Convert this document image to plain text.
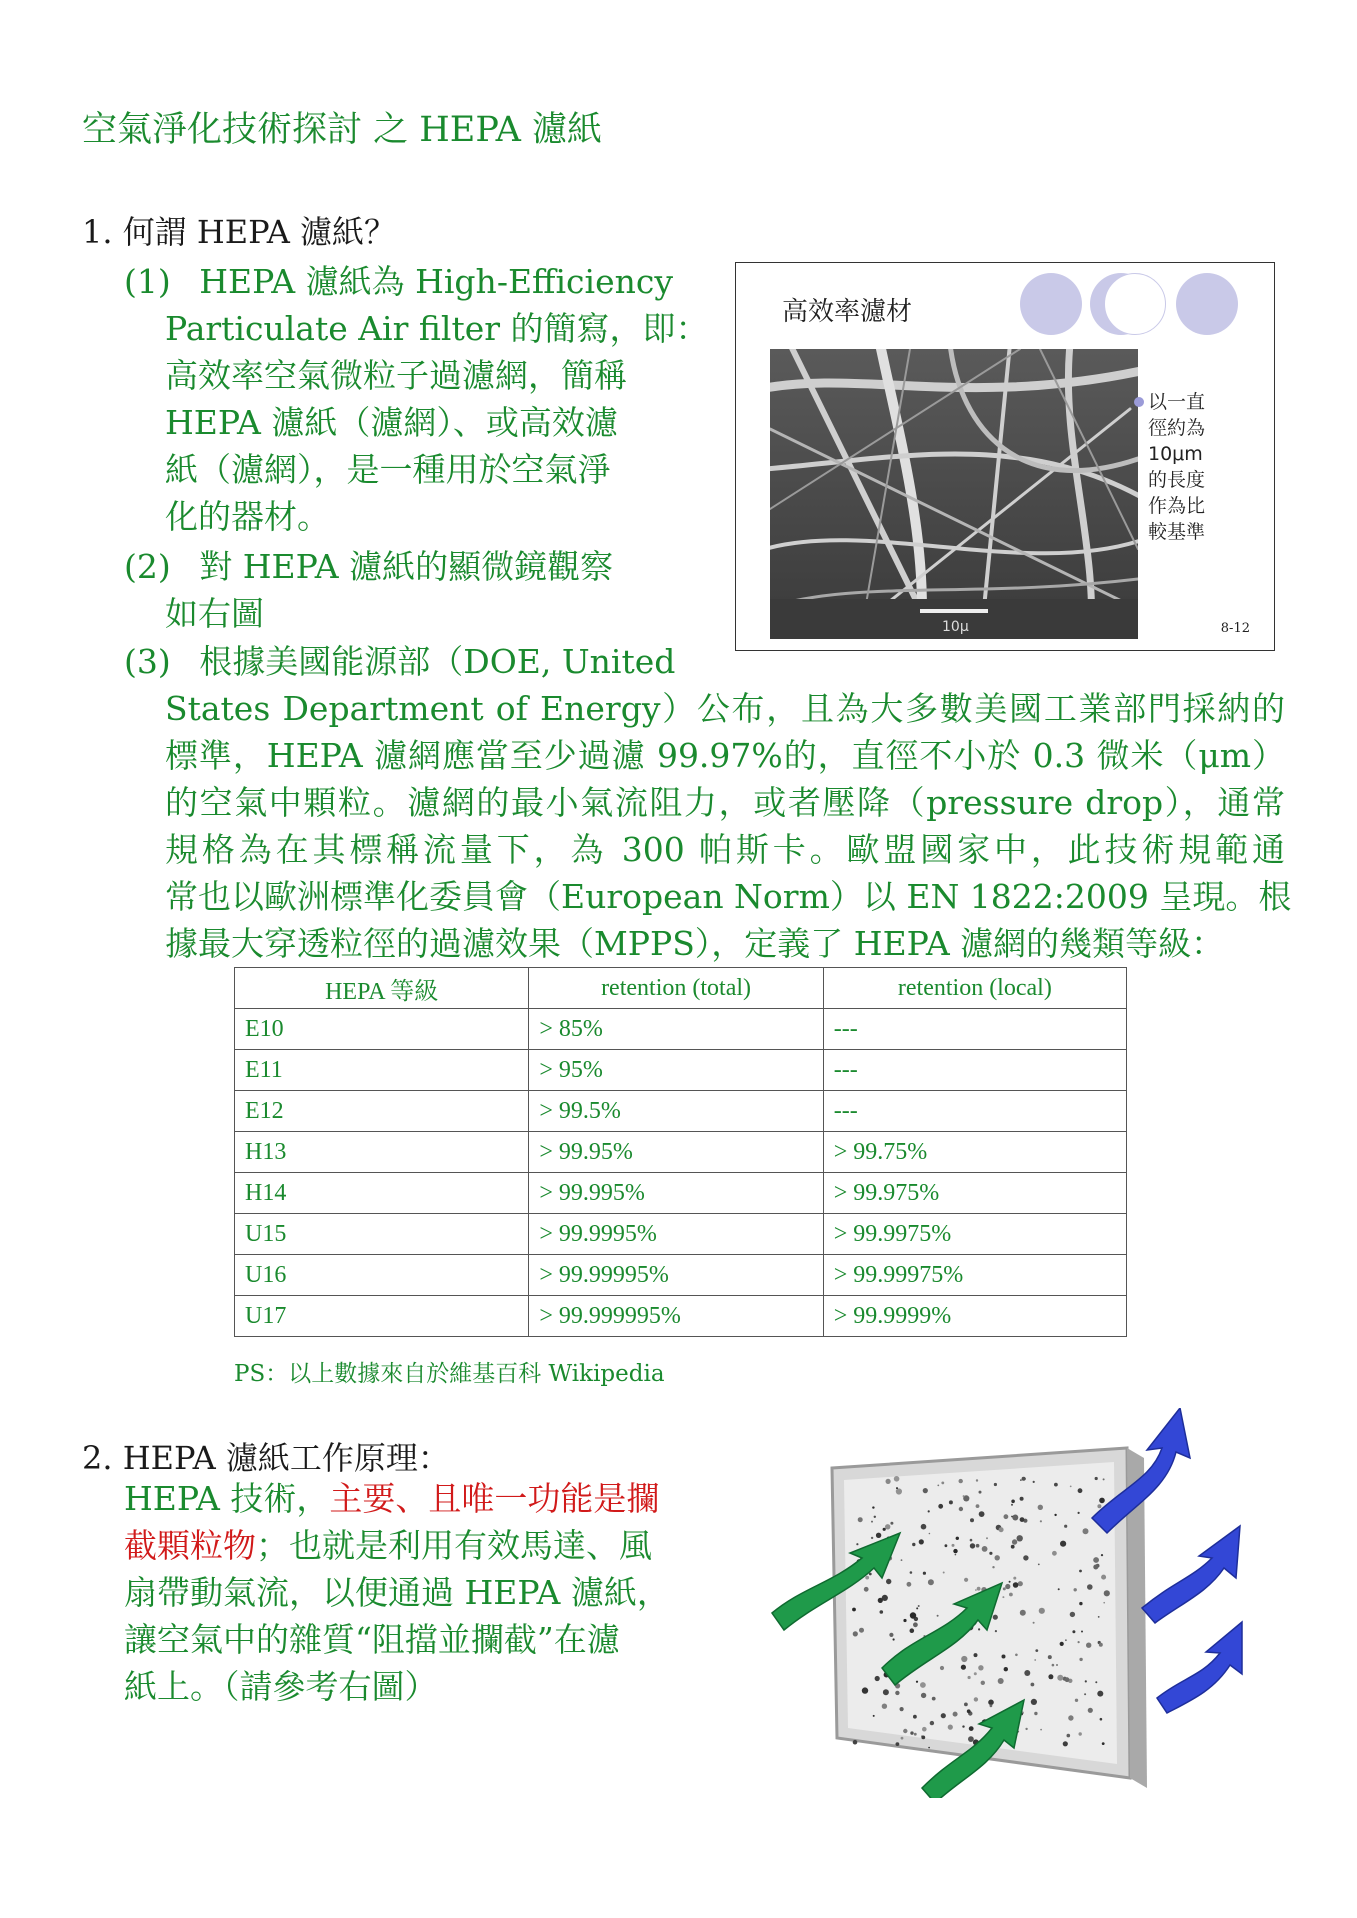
空氣淨化技術探討 之 HEPA 濾紙
1. 何謂 HEPA 濾紙？
(1) HEPA 濾紙為 High-Efficiency
Particulate Air filter 的簡寫，即：
高效率空氣微粒子過濾網，簡稱
HEPA 濾紙（濾網）、或高效濾
紙（濾網），是一種用於空氣淨
化的器材。
(2) 對 HEPA 濾紙的顯微鏡觀察
如右圖
(3) 根據美國能源部（DOE, United
States Department of Energy）公布，且為大多數美國工業部門採納的
標準，HEPA 濾網應當至少過濾 99.97%的，直徑不小於 0.3 微米（μm）
的空氣中顆粒。濾網的最小氣流阻力，或者壓降（pressure drop），通常
規格為在其標稱流量下，為 300 帕斯卡。歐盟國家中，此技術規範通
常也以歐洲標準化委員會（European Norm）以 EN 1822:2009 呈現。根
據最大穿透粒徑的過濾效果（MPPS），定義了 HEPA 濾網的幾類等級：
高效率濾材
10μ
以一直
徑約為
10μm
的長度
作為比
較基準
8-12
HEPA 等級	retention (total)	retention (local)
E10	> 85%	---
E11	> 95%	---
E12	> 99.5%	---
H13	> 99.95%	> 99.75%
H14	> 99.995%	> 99.975%
U15	> 99.9995%	> 99.9975%
U16	> 99.99995%	> 99.99975%
U17	> 99.999995%	> 99.9999%
PS：以上數據來自於維基百科 Wikipedia
2. HEPA 濾紙工作原理：
HEPA 技術，主要、且唯一功能是攔
截顆粒物；也就是利用有效馬達、風
扇帶動氣流，以便通過 HEPA 濾紙，
讓空氣中的雜質“阻擋並攔截”在濾
紙上。（請參考右圖）
